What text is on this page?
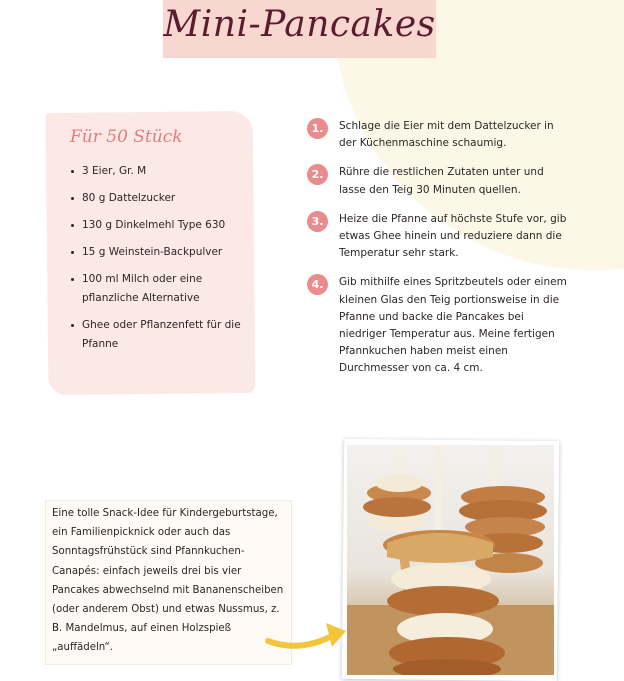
Mini-Pancakes
Für 50 Stück
3 Eier, Gr. M
80 g Dattelzucker
130 g Dinkelmehl Type 630
15 g Weinstein-Backpulver
100 ml Milch oder eine pflanzliche Alternative
Ghee oder Pflanzenfett für die Pfanne
1.	Schlage die Eier mit dem Dattelzucker in der Küchenmaschine schaumig.
2.	Rühre die restlichen Zutaten unter und lasse den Teig 30 Minuten quellen.
3.	Heize die Pfanne auf höchste Stufe vor, gib etwas Ghee hinein und reduziere dann die Temperatur sehr stark.
4.	Gib mithilfe eines Spritzbeutels oder einem kleinen Glas den Teig portionsweise in die Pfanne und backe die Pancakes bei niedriger Temperatur aus. Meine fertigen Pfannkuchen haben meist einen Durchmesser von ca. 4 cm.
Eine tolle Snack-Idee für Kindergeburtstage, ein Familienpicknick oder auch das Sonntagsfrühstück sind Pfannkuchen-Canapés: einfach jeweils drei bis vier Pancakes abwechselnd mit Bananenscheiben (oder anderem Obst) und etwas Nussmus, z. B. Mandelmus, auf einen Holzspieß „auffädeln“.
